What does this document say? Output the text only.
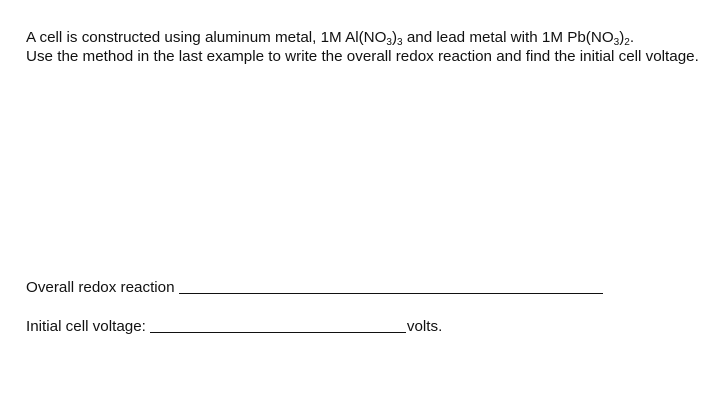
A cell is constructed using aluminum metal, 1M $Al(NO_3)_3$ and lead metal with 1M $Pb(NO_3)_2$.
Use the method in the last example to write the overall redox reaction and find the initial cell voltage.
Overall redox reaction
Initial cell voltage:	volts.
